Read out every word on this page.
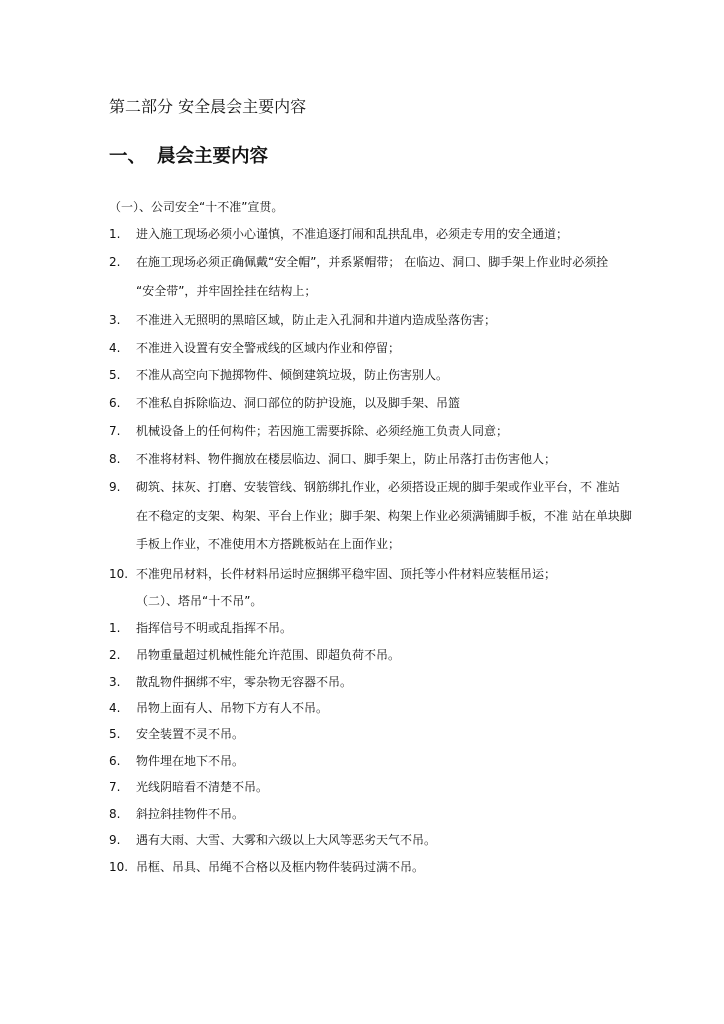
第二部分 安全晨会主要内容
一、 晨会主要内容
（一）、公司安全“十不准”宣贯。
1. 进入施工现场必须小心谨慎，不准追逐打闹和乱拱乱串，必须走专用的安全通道；
2. 在施工现场必须正确佩戴“安全帽”，并系紧帽带； 在临边、洞口、脚手架上作业时必须拴
“安全带”，并牢固拴挂在结构上；
3. 不准进入无照明的黑暗区域，防止走入孔洞和井道内造成坠落伤害；
4. 不准进入设置有安全警戒线的区域内作业和停留；
5. 不准从高空向下抛掷物件、倾倒建筑垃圾，防止伤害别人。
6. 不准私自拆除临边、洞口部位的防护设施，以及脚手架、吊篮
7. 机械设备上的任何构件；若因施工需要拆除、必须经施工负责人同意；
8. 不准将材料、物件搁放在楼层临边、洞口、脚手架上，防止吊落打击伤害他人；
9. 砌筑、抹灰、打磨、安装管线、钢筋绑扎作业，必须搭设正规的脚手架或作业平台，不 准站
在不稳定的支架、构架、平台上作业；脚手架、构架上作业必须满铺脚手板，不准 站在单块脚
手板上作业，不准使用木方搭跳板站在上面作业；
10. 不准兜吊材料，长件材料吊运时应捆绑平稳牢固、顶托等小件材料应装框吊运；
（二）、塔吊“十不吊”。
1. 指挥信号不明或乱指挥不吊。
2. 吊物重量超过机械性能允许范围、即超负荷不吊。
3. 散乱物件捆绑不牢，零杂物无容器不吊。
4. 吊物上面有人、吊物下方有人不吊。
5. 安全装置不灵不吊。
6. 物件埋在地下不吊。
7. 光线阴暗看不清楚不吊。
8. 斜拉斜挂物件不吊。
9. 遇有大雨、大雪、大雾和六级以上大风等恶劣天气不吊。
10. 吊框、吊具、吊绳不合格以及框内物件装码过满不吊。
